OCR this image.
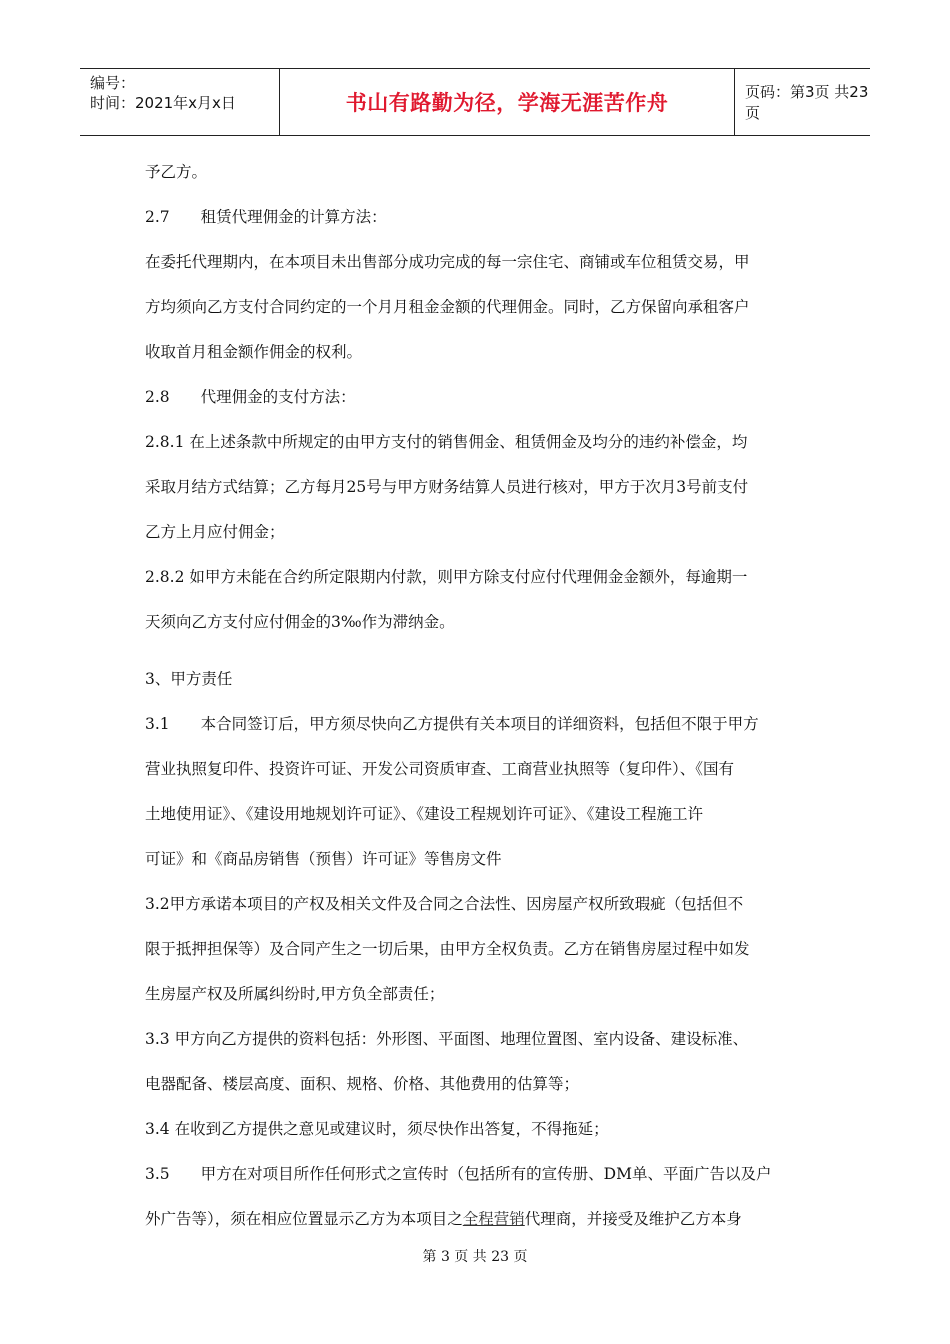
编号：
时间：2021年x月x日	书山有路勤为径，学海无涯苦作舟	页码：第3页 共23页

予乙方。

2.7　　租赁代理佣金的计算方法：

在委托代理期内，在本项目未出售部分成功完成的每一宗住宅、商铺或车位租赁交易，甲

方均须向乙方支付合同约定的一个月月租金金额的代理佣金。同时，乙方保留向承租客户

收取首月租金额作佣金的权利。

2.8　　代理佣金的支付方法：

2.8.1 在上述条款中所规定的由甲方支付的销售佣金、租赁佣金及均分的违约补偿金，均

采取月结方式结算；乙方每月25号与甲方财务结算人员进行核对，甲方于次月3号前支付

乙方上月应付佣金；

2.8.2 如甲方未能在合约所定限期内付款，则甲方除支付应付代理佣金金额外，每逾期一

天须向乙方支付应付佣金的3‰作为滞纳金。

3、甲方责任

3.1　　本合同签订后，甲方须尽快向乙方提供有关本项目的详细资料，包括但不限于甲方

营业执照复印件、投资许可证、开发公司资质审查、工商营业执照等（复印件）、《国有

土地使用证》、《建设用地规划许可证》、《建设工程规划许可证》、《建设工程施工许

可证》和《商品房销售（预售）许可证》等售房文件

3.2甲方承诺本项目的产权及相关文件及合同之合法性、因房屋产权所致瑕疵（包括但不

限于抵押担保等）及合同产生之一切后果，由甲方全权负责。乙方在销售房屋过程中如发

生房屋产权及所属纠纷时,甲方负全部责任；

3.3 甲方向乙方提供的资料包括：外形图、平面图、地理位置图、室内设备、建设标准、

电器配备、楼层高度、面积、规格、价格、其他费用的估算等；

3.4 在收到乙方提供之意见或建议时，须尽快作出答复，不得拖延；

3.5　　甲方在对项目所作任何形式之宣传时（包括所有的宣传册、DM单、平面广告以及户

外广告等），须在相应位置显示乙方为本项目之全程营销代理商，并接受及维护乙方本身

第 3 页 共 23 页
